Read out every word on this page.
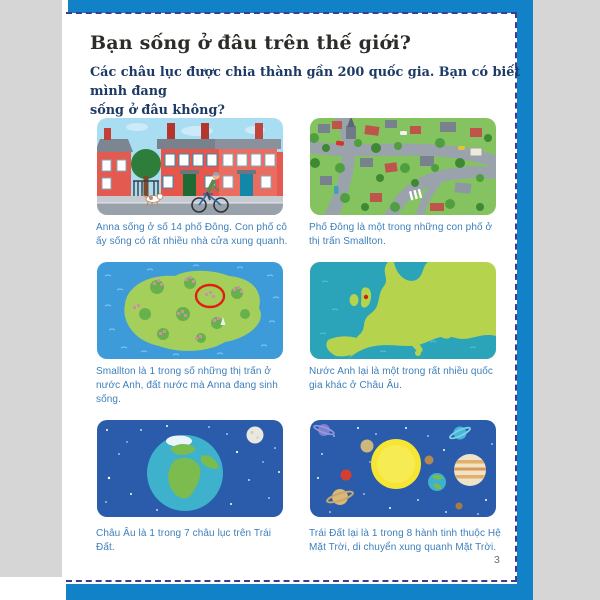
Bạn sống ở đâu trên thế giới?
Các châu lục được chia thành gần 200 quốc gia. Bạn có biết mình đang
sống ở đâu không?
Anna sống ở số 14 phố Đông. Con phố cô ấy sống có rất nhiều nhà cửa xung quanh.
Phố Đông là một trong những con phố ở thị trấn Smallton.
Smallton là 1 trong số những thị trấn ở nước Anh, đất nước mà Anna đang sinh sống.
Nước Anh lại là một trong rất nhiều quốc gia khác ở Châu Âu.
Châu Âu là 1 trong 7 châu lục trên Trái Đất.
Trái Đất lại là 1 trong 8 hành tinh thuộc Hệ Mặt Trời, di chuyển xung quanh Mặt Trời.
3
